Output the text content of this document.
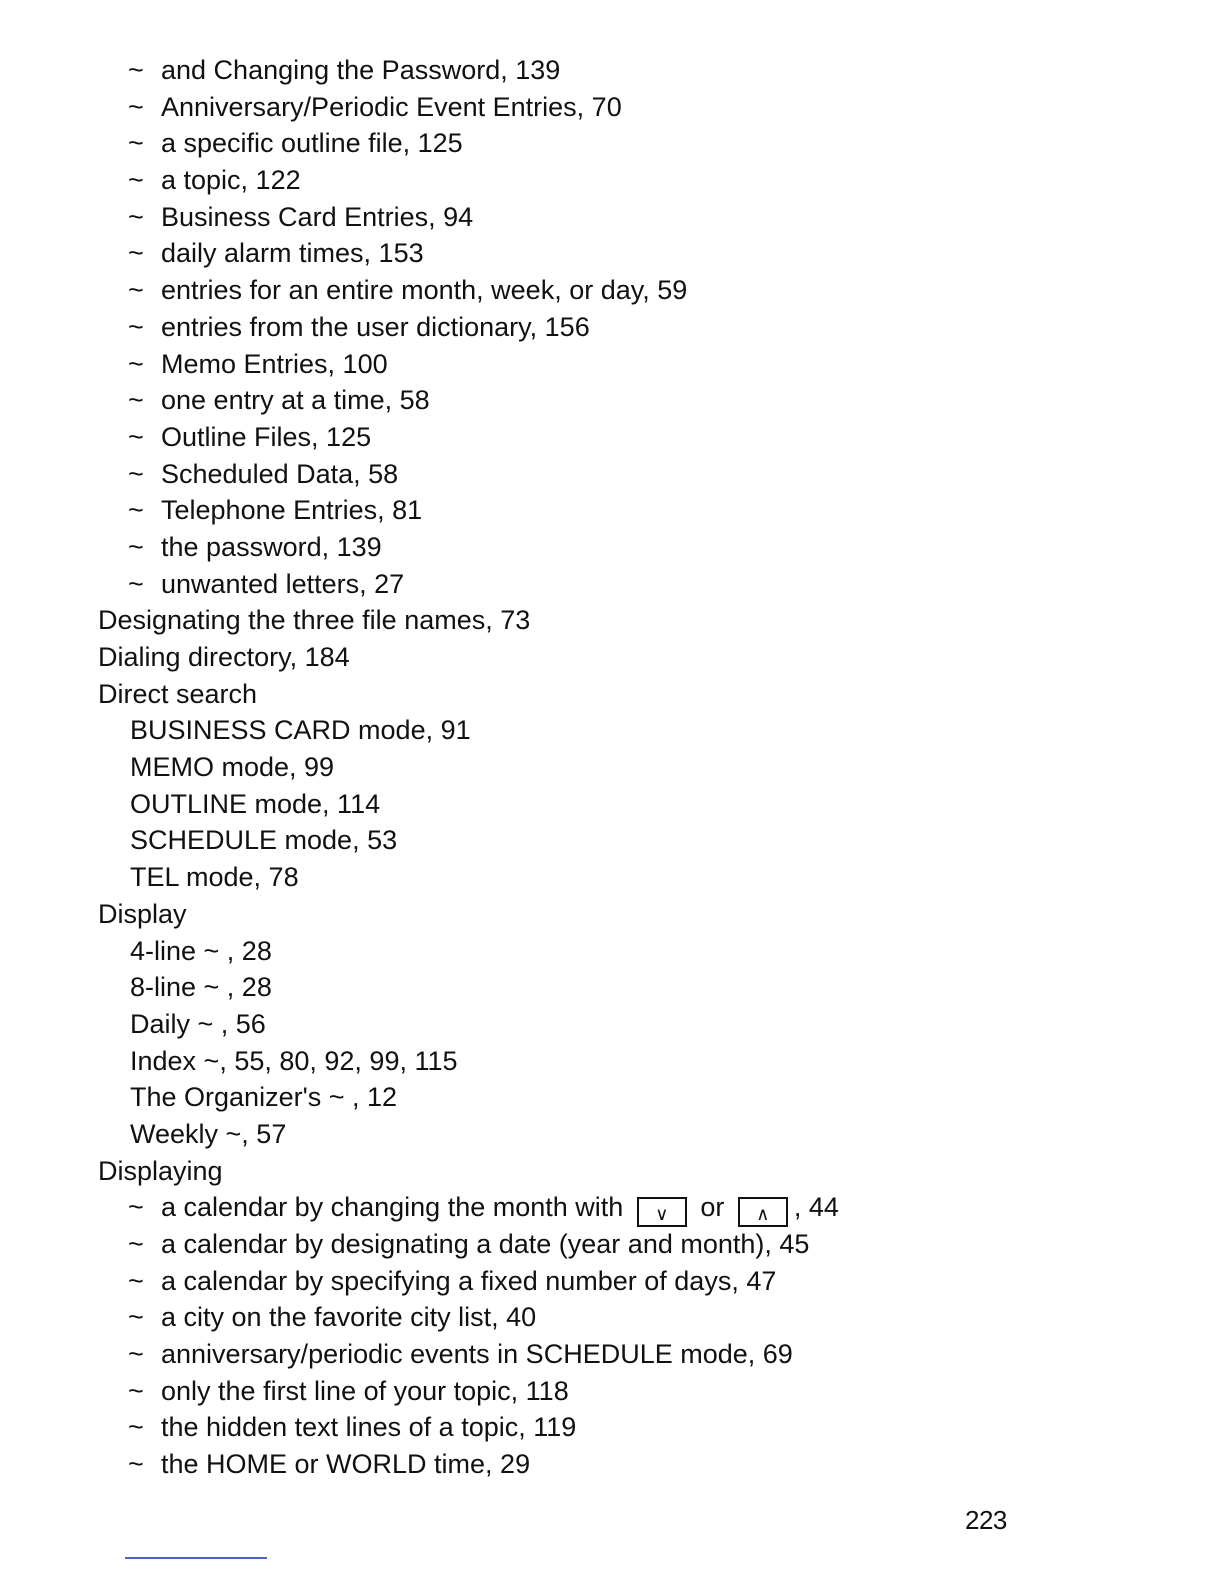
~ and Changing the Password, 139
~ Anniversary/Periodic Event Entries, 70
~ a specific outline file, 125
~ a topic, 122
~ Business Card Entries, 94
~ daily alarm times, 153
~ entries for an entire month, week, or day, 59
~ entries from the user dictionary, 156
~ Memo Entries, 100
~ one entry at a time, 58
~ Outline Files, 125
~ Scheduled Data, 58
~ Telephone Entries, 81
~ the password, 139
~ unwanted letters, 27
Designating the three file names, 73
Dialing directory, 184
Direct search
BUSINESS CARD mode, 91
MEMO mode, 99
OUTLINE mode, 114
SCHEDULE mode, 53
TEL mode, 78
Display
4-line ~ , 28
8-line ~ , 28
Daily ~ , 56
Index ~, 55, 80, 92, 99, 115
The Organizer's ~ , 12
Weekly ~, 57
Displaying
~ a calendar by changing the month with ∨ or ∧ , 44
~ a calendar by designating a date (year and month), 45
~ a calendar by specifying a fixed number of days, 47
~ a city on the favorite city list, 40
~ anniversary/periodic events in SCHEDULE mode, 69
~ only the first line of your topic, 118
~ the hidden text lines of a topic, 119
~ the HOME or WORLD time, 29
223
